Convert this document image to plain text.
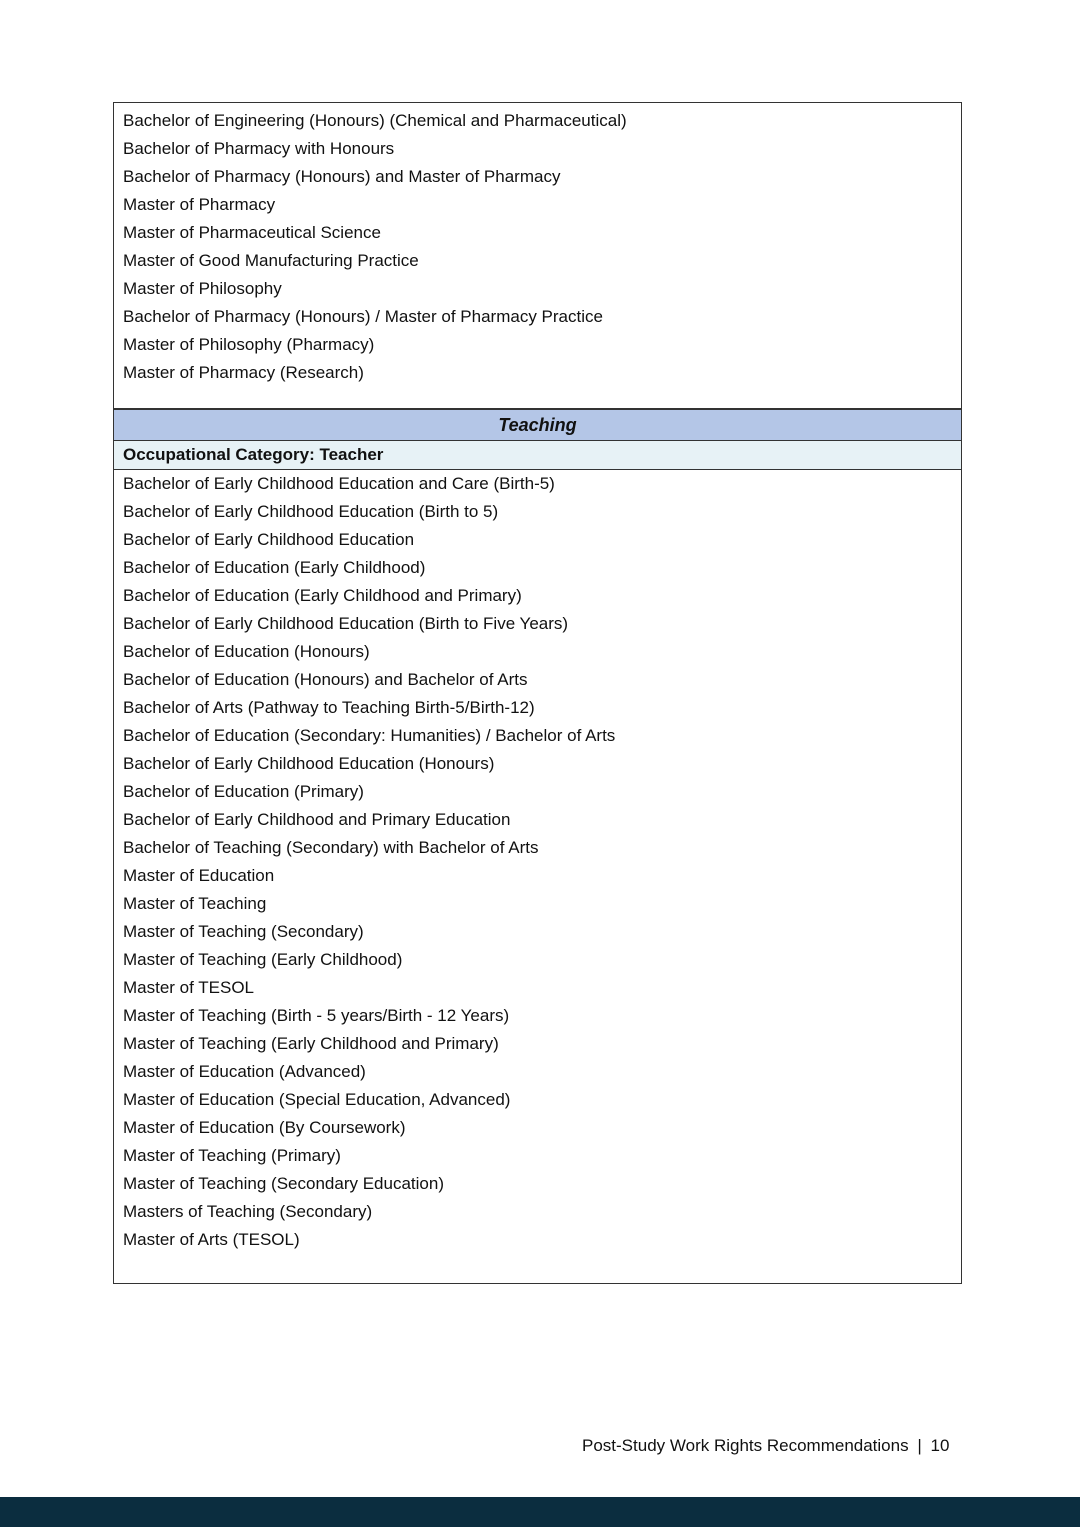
Bachelor of Engineering (Honours) (Chemical and Pharmaceutical)
Bachelor of Pharmacy with Honours
Bachelor of Pharmacy (Honours) and Master of Pharmacy
Master of Pharmacy
Master of Pharmaceutical Science
Master of Good Manufacturing Practice
Master of Philosophy
Bachelor of Pharmacy (Honours) / Master of Pharmacy Practice
Master of Philosophy (Pharmacy)
Master of Pharmacy (Research)
Teaching
Occupational Category: Teacher
Bachelor of Early Childhood Education and Care (Birth-5)
Bachelor of Early Childhood Education (Birth to 5)
Bachelor of Early Childhood Education
Bachelor of Education (Early Childhood)
Bachelor of Education (Early Childhood and Primary)
Bachelor of Early Childhood Education (Birth to Five Years)
Bachelor of Education (Honours)
Bachelor of Education (Honours) and Bachelor of Arts
Bachelor of Arts (Pathway to Teaching Birth-5/Birth-12)
Bachelor of Education (Secondary: Humanities) / Bachelor of Arts
Bachelor of Early Childhood Education (Honours)
Bachelor of Education (Primary)
Bachelor of Early Childhood and Primary Education
Bachelor of Teaching (Secondary) with Bachelor of Arts
Master of Education
Master of Teaching
Master of Teaching (Secondary)
Master of Teaching (Early Childhood)
Master of TESOL
Master of Teaching (Birth - 5 years/Birth - 12 Years)
Master of Teaching (Early Childhood and Primary)
Master of Education (Advanced)
Master of Education (Special Education, Advanced)
Master of Education (By Coursework)
Master of Teaching (Primary)
Master of Teaching (Secondary Education)
Masters of Teaching (Secondary)
Master of Arts (TESOL)
Post-Study Work Rights Recommendations | 10
